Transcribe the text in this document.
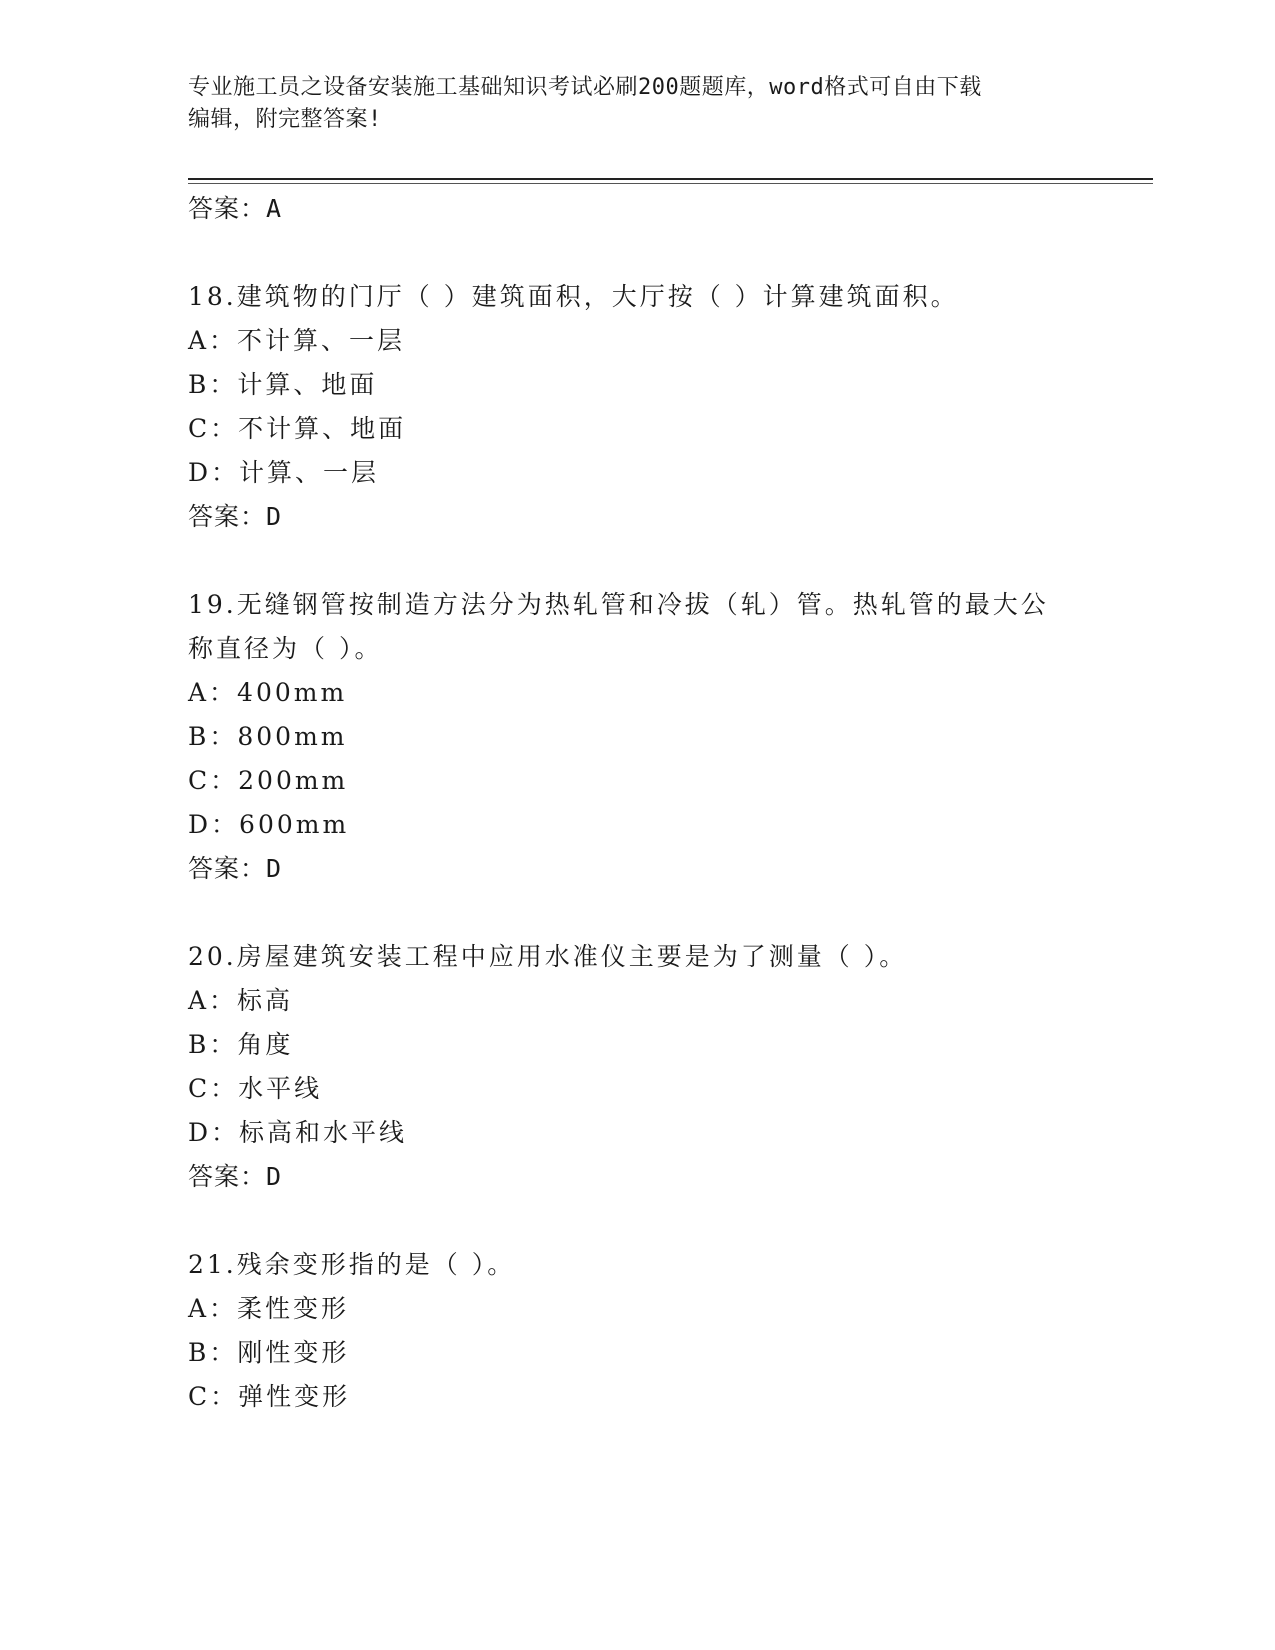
专业施工员之设备安装施工基础知识考试必刷200题题库，word格式可自由下载
编辑，附完整答案!
答案：A
18.建筑物的门厅（ ）建筑面积，大厅按（ ）计算建筑面积。
A：不计算、一层
B：计算、地面
C：不计算、地面
D：计算、一层
答案：D
19.无缝钢管按制造方法分为热轧管和冷拔（轧）管。热轧管的最大公
称直径为（ ）。
A：400mm
B：800mm
C：200mm
D：600mm
答案：D
20.房屋建筑安装工程中应用水准仪主要是为了测量（ ）。
A：标高
B：角度
C：水平线
D：标高和水平线
答案：D
21.残余变形指的是（ ）。
A：柔性变形
B：刚性变形
C：弹性变形
